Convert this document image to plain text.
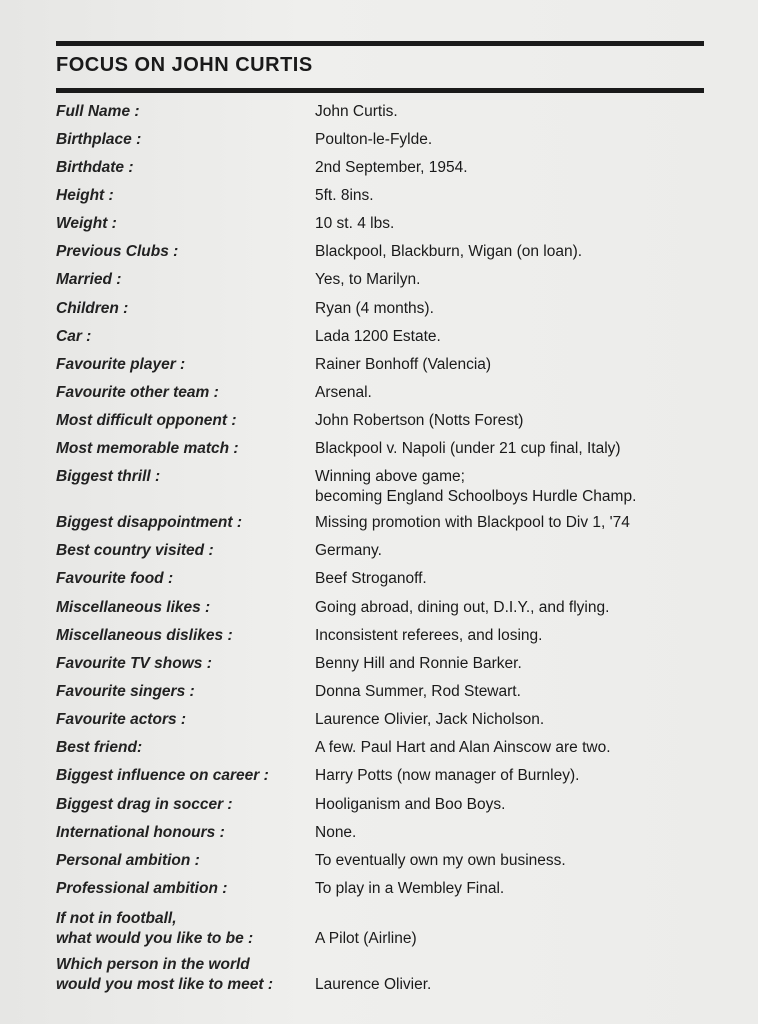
FOCUS ON JOHN CURTIS
Full Name :	John Curtis.
Birthplace :	Poulton-le-Fylde.
Birthdate :	2nd September, 1954.
Height :	5ft. 8ins.
Weight :	10 st. 4 lbs.
Previous Clubs :	Blackpool, Blackburn, Wigan (on loan).
Married :	Yes, to Marilyn.
Children :	Ryan (4 months).
Car :	Lada 1200 Estate.
Favourite player :	Rainer Bonhoff (Valencia)
Favourite other team :	Arsenal.
Most difficult opponent :	John Robertson (Notts Forest)
Most memorable match :	Blackpool v. Napoli (under 21 cup final, Italy)
Biggest thrill :	Winning above game;
becoming England Schoolboys Hurdle Champ.
Biggest disappointment :	Missing promotion with Blackpool to Div 1, '74
Best country visited :	Germany.
Favourite food :	Beef Stroganoff.
Miscellaneous likes :	Going abroad, dining out, D.I.Y., and flying.
Miscellaneous dislikes :	Inconsistent referees, and losing.
Favourite TV shows :	Benny Hill and Ronnie Barker.
Favourite singers :	Donna Summer, Rod Stewart.
Favourite actors :	Laurence Olivier, Jack Nicholson.
Best friend:	A few. Paul Hart and Alan Ainscow are two.
Biggest influence on career :	Harry Potts (now manager of Burnley).
Biggest drag in soccer :	Hooliganism and Boo Boys.
International honours :	None.
Personal ambition :	To eventually own my own business.
Professional ambition :	To play in a Wembley Final.
If not in football,
what would you like to be :	A Pilot (Airline)
Which person in the world
would you most like to meet :	Laurence Olivier.
